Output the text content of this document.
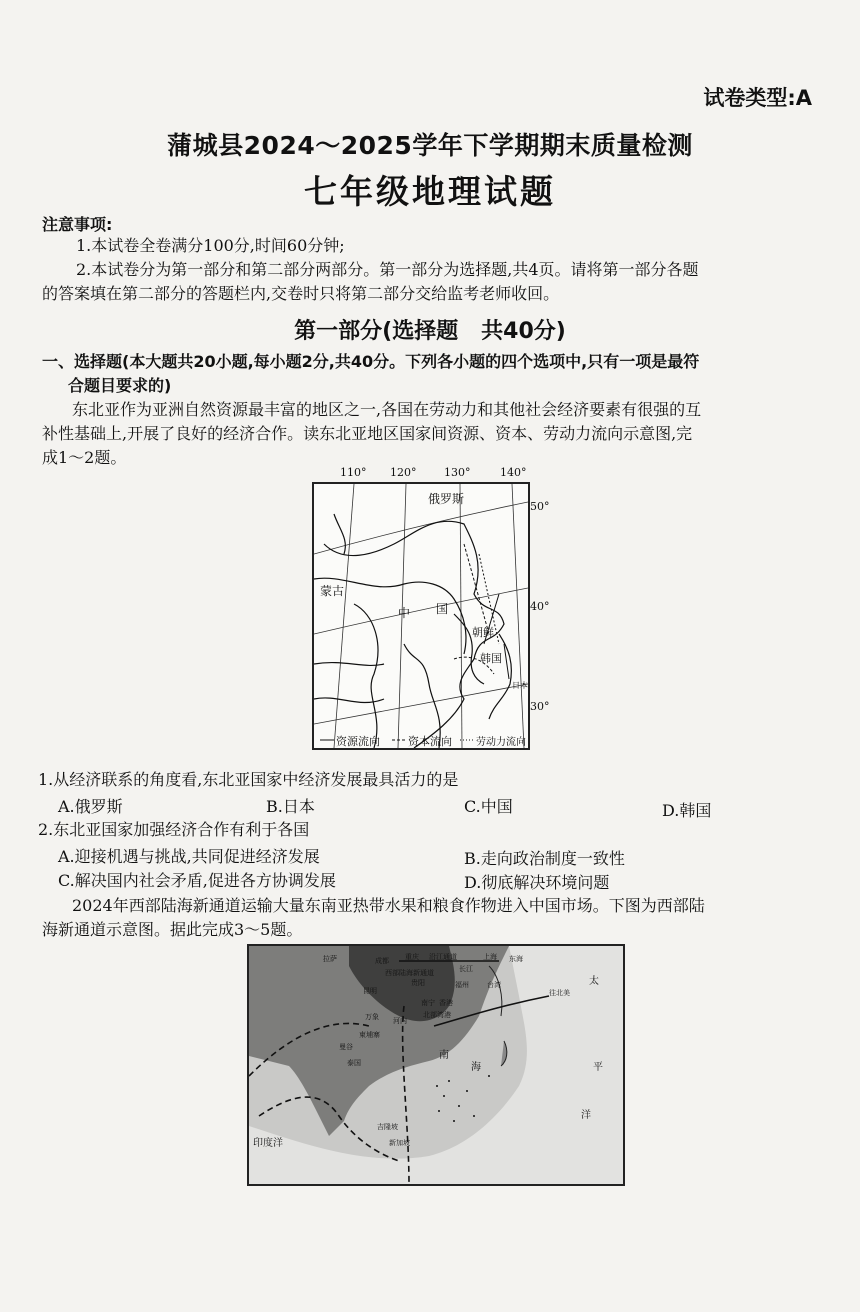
试卷类型:A
蒲城县2024～2025学年下学期期末质量检测
七年级地理试题
注意事项:
1.本试卷全卷满分100分,时间60分钟;
2.本试卷分为第一部分和第二部分两部分。第一部分为选择题,共4页。请将第一部分各题
的答案填在第二部分的答题栏内,交卷时只将第二部分交给监考老师收回。
第一部分(选择题   共40分)
一、选择题(本大题共20小题,每小题2分,共40分。下列各小题的四个选项中,只有一项是最符
合题目要求的)
东北亚作为亚洲自然资源最丰富的地区之一,各国在劳动力和其他社会经济要素有很强的互
补性基础上,开展了良好的经济合作。读东北亚地区国家间资源、资本、劳动力流向示意图,完
成1～2题。
110° 120°	130°	140°
俄罗斯
蒙古
中 国
朝鲜
韩国
日本
资源流向	资本流向 劳动力流向
50°
40°
30°
1.从经济联系的角度看,东北亚国家中经济发展最具活力的是
A.俄罗斯	B.日本	C.中国	D.韩国
2.东北亚国家加强经济合作有利于各国
A.迎接机遇与挑战,共同促进经济发展	B.走向政治制度一致性
C.解决国内社会矛盾,促进各方协调发展	D.彻底解决环境问题
2024年西部陆海新通道运输大量东南亚热带水果和粮食作物进入中国市场。下图为西部陆
海新通道示意图。据此完成3～5题。
拉萨	成都 重庆 沿江通道	上海 东海
长江
西部陆海新通道
贵阳
昆明
福州	台湾
南宁 香港
北部湾港
万象 河内
曼谷
柬埔寨
泰国
南
海
吉隆坡
新加坡
印度洋
太
平
洋
往北美
